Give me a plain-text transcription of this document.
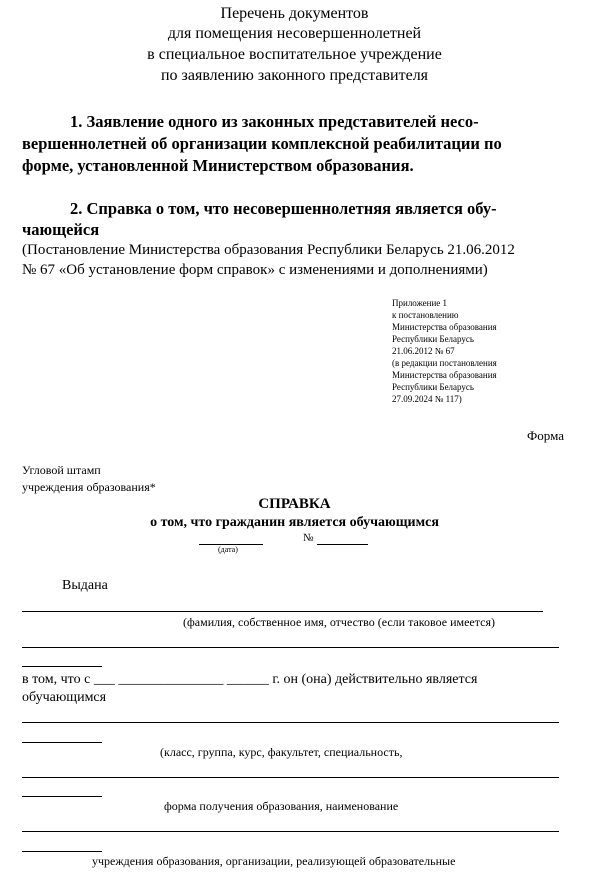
Перечень документов
для помещения несовершеннолетней
в специальное воспитательное учреждение
по заявлению законного представителя
1. Заявление одного из законных представителей несо-
вершеннолетней об организации комплексной реабилитации по
форме, установленной Министерством образования.
2. Справка о том, что несовершеннолетняя является обу-
чающейся
(Постановление Министерства образования Республики Беларусь 21.06.2012
№ 67 «Об установление форм справок» с изменениями и дополнениями)
Приложение 1
к постановлению
Министерства образования
Республики Беларусь
21.06.2012 № 67
(в редакции постановления
Министерства образования
Республики Беларусь
27.09.2024 № 117)
Форма
Угловой штамп
учреждения образования*
СПРАВКА
о том, что гражданин является обучающимся
(дата)
№
Выдана
(фамилия, собственное имя, отчество (если таковое имеется)
в том, что с ___ _______________ ______ г. он (она) действительно является
обучающимся
(класс, группа, курс, факультет, специальность,
форма получения образования, наименование
учреждения образования, организации, реализующей образовательные
